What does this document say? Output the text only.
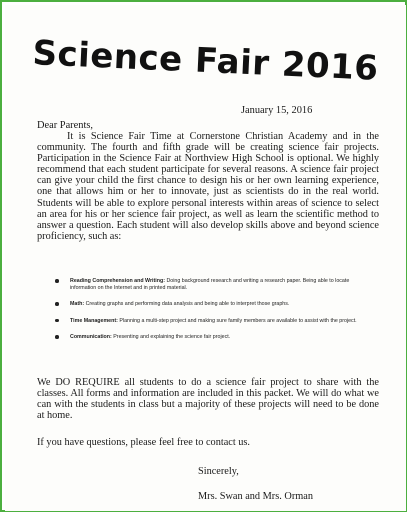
Science Fair 2016
January 15, 2016
Dear Parents,

It is Science Fair Time at Cornerstone Christian Academy and in the community. The fourth and fifth grade will be creating science fair projects. Participation in the Science Fair at Northview High School is optional. We highly recommend that each student participate for several reasons. A science fair project can give your child the first chance to design his or her own learning experience, one that allows him or her to innovate, just as scientists do in the real world. Students will be able to explore personal interests within areas of science to select an area for his or her science fair project, as well as learn the scientific method to answer a question. Each student will also develop skills above and beyond science proficiency, such as:

Reading Comprehension and Writing: Doing background research and writing a research paper. Being able to locate information on the Internet and in printed material.
Math: Creating graphs and performing data analysis and being able to interpret those graphs.
Time Management: Planning a multi-step project and making sure family members are available to assist with the project.
Communication: Presenting and explaining the science fair project.

We DO REQUIRE all students to do a science fair project to share with the classes. All forms and information are included in this packet. We will do what we can with the students in class but a majority of these projects will need to be done at home.

If you have questions, please feel free to contact us.
Sincerely,
Mrs. Swan and Mrs. Orman
